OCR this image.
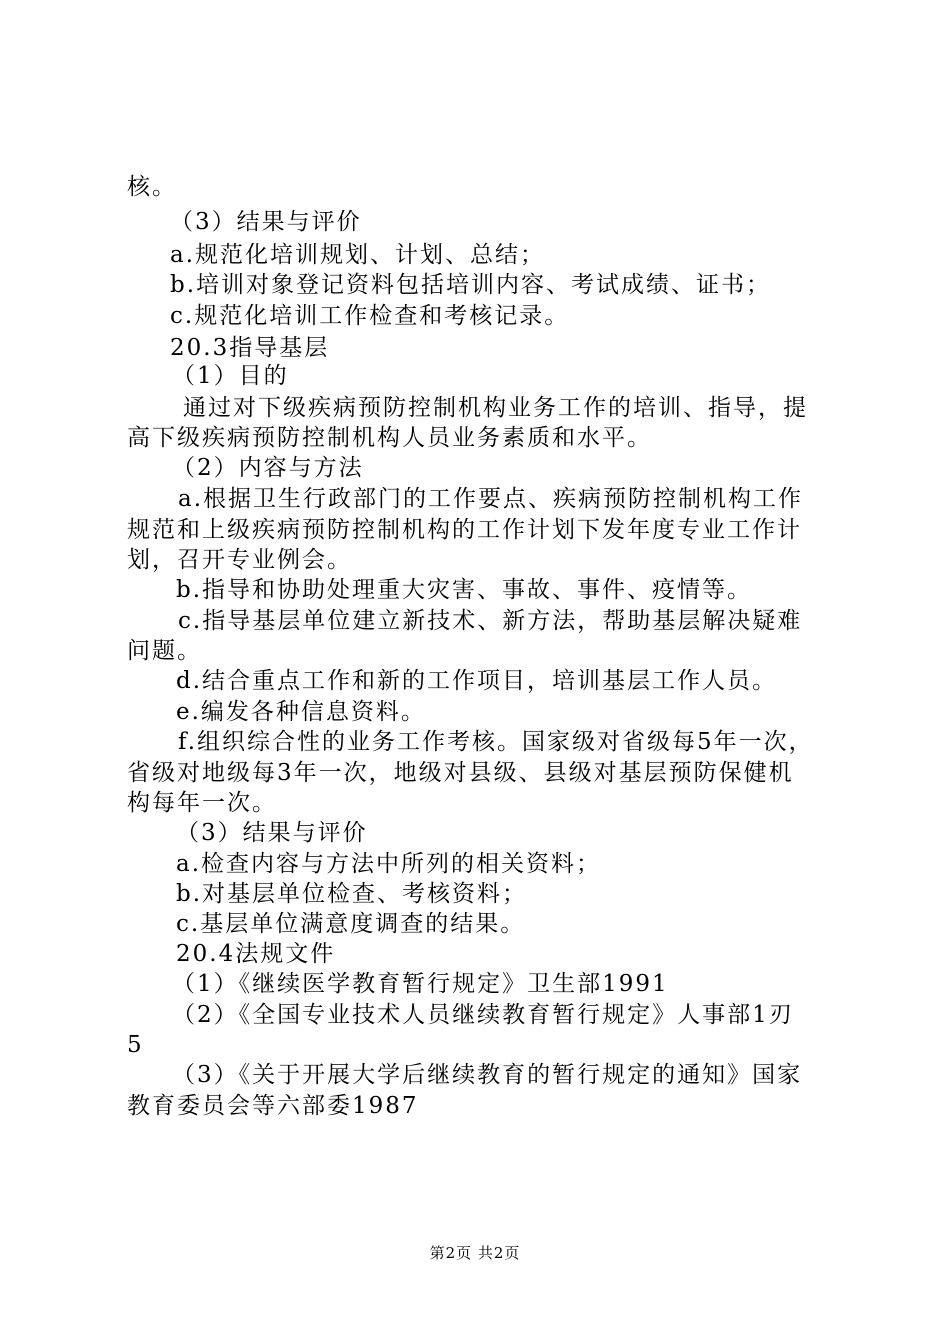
核。
（3）结果与评价
a.规范化培训规划、计划、总结；
b.培训对象登记资料包括培训内容、考试成绩、证书；
c.规范化培训工作检查和考核记录。
20.3指导基层
（1）目的
通过对下级疾病预防控制机构业务工作的培训、指导，提
高下级疾病预防控制机构人员业务素质和水平。
（2）内容与方法
a.根据卫生行政部门的工作要点、疾病预防控制机构工作
规范和上级疾病预防控制机构的工作计划下发年度专业工作计
划，召开专业例会。
b.指导和协助处理重大灾害、事故、事件、疫情等。
c.指导基层单位建立新技术、新方法，帮助基层解决疑难
问题。
d.结合重点工作和新的工作项目，培训基层工作人员。
e.编发各种信息资料。
f.组织综合性的业务工作考核。国家级对省级每5年一次，
省级对地级每3年一次，地级对县级、县级对基层预防保健机
构每年一次。
（3）结果与评价
a.检查内容与方法中所列的相关资料；
b.对基层单位检查、考核资料；
c.基层单位满意度调查的结果。
20.4法规文件
（1）《继续医学教育暂行规定》卫生部1991
（2）《全国专业技术人员继续教育暂行规定》人事部1刃
5
（3）《关于开展大学后继续教育的暂行规定的通知》国家
教育委员会等六部委1987
第2页 共2页
